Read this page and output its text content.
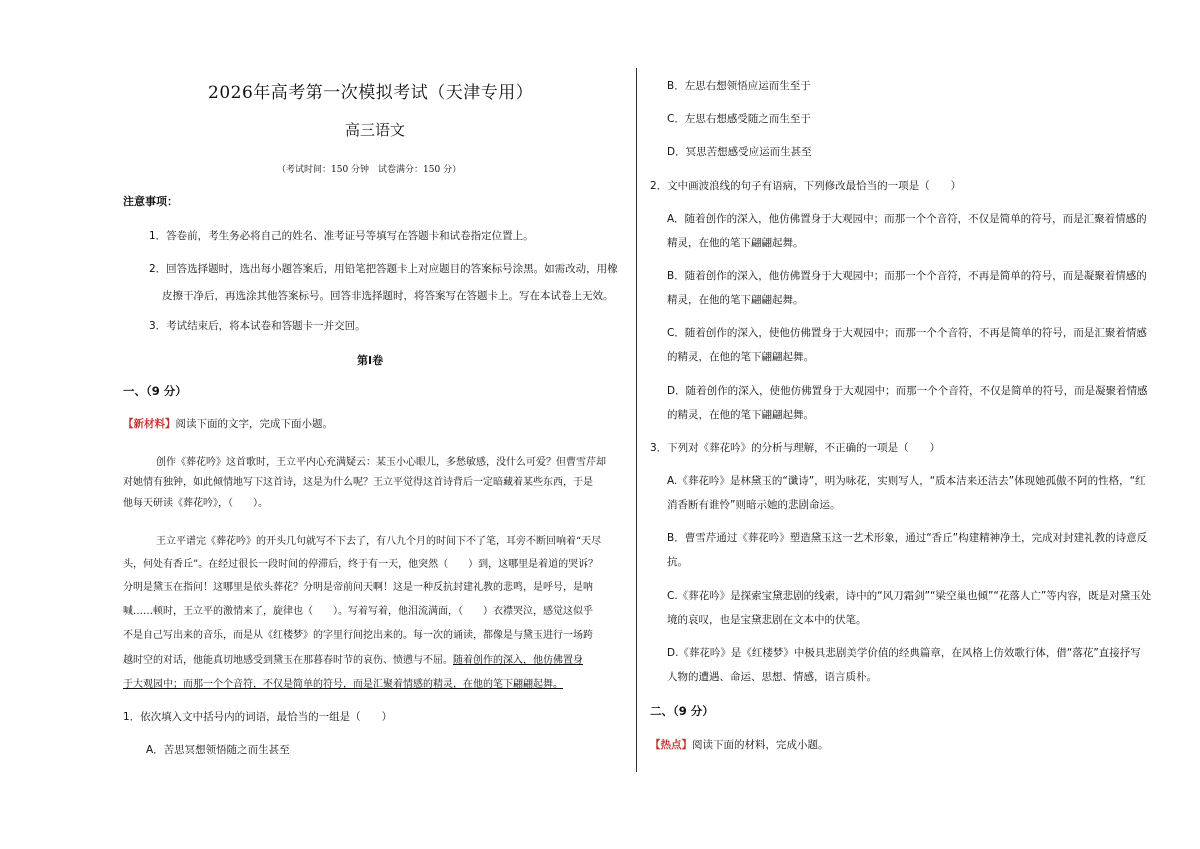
2026年高考第一次模拟考试（天津专用）
高三语文
（考试时间：150 分钟　试卷满分：150 分）
注意事项：
1．答卷前，考生务必将自己的姓名、准考证号等填写在答题卡和试卷指定位置上。
2．回答选择题时，选出每小题答案后，用铅笔把答题卡上对应题目的答案标号涂黑。如需改动，用橡
皮擦干净后，再选涂其他答案标号。回答非选择题时，将答案写在答题卡上。写在本试卷上无效。
3．考试结束后，将本试卷和答题卡一并交回。
第Ⅰ卷
一、（9 分）
【新材料】阅读下面的文字，完成下面小题。
创作《葬花吟》这首歌时，王立平内心充满疑云：某玉小心眼儿，多愁敏感，没什么可爱？但曹雪芹却
对她情有独钟，如此倾情地写下这首诗，这是为什么呢？王立平觉得这首诗背后一定暗藏着某些东西，于是
他每天研读《葬花吟》，（　　）。
王立平谱完《葬花吟》的开头几句就写不下去了，有八九个月的时间下不了笔，耳旁不断回响着“天尽
头，何处有香丘”。在经过很长一段时间的停滞后，终于有一天，他突然（　　）到，这哪里是着道的哭诉？
分明是黛玉在指问！这哪里是依头葬花？分明是帝前问天啊！这是一种反抗封建礼教的悲鸣，是呼号，是呐
喊……顿时，王立平的激情来了，旋律也（　　）。写着写着，他泪流满面，（　　）衣襟哭泣，感觉这似乎
不是自己写出来的音乐，而是从《红楼梦》的字里行间挖出来的。每一次的诵读，都像是与黛玉进行一场跨
越时空的对话，他能真切地感受到黛玉在那暮春时节的哀伤、愤懑与不屈。随着创作的深入，他仿佛置身
于大观园中；而那一个个音符，不仅是简单的符号，而是汇聚着情感的精灵，在他的笔下翩翩起舞。
1．依次填入文中括号内的词语，最恰当的一组是（　　）
A．苦思冥想领悟随之而生甚至
B．左思右想领悟应运而生至于
C．左思右想感受随之而生至于
D．冥思苦想感受应运而生甚至
2．文中画波浪线的句子有语病，下列修改最恰当的一项是（　　）
A．随着创作的深入，他仿佛置身于大观园中；而那一个个音符，不仅是简单的符号，而是汇聚着情感的
精灵，在他的笔下翩翩起舞。
B．随着创作的深入，他仿佛置身于大观园中；而那一个个音符，不再是简单的符号，而是凝聚着情感的
精灵，在他的笔下翩翩起舞。
C．随着创作的深入，使他仿佛置身于大观园中；而那一个个音符，不再是简单的符号，而是汇聚着情感
的精灵，在他的笔下翩翩起舞。
D．随着创作的深入，使他仿佛置身于大观园中；而那一个个音符，不仅是简单的符号，而是凝聚着情感
的精灵，在他的笔下翩翩起舞。
3．下列对《葬花吟》的分析与理解，不正确的一项是（　　）
A.《葬花吟》是林黛玉的“谶诗”，明为咏花，实则写人，“质本洁来还洁去”体现她孤傲不阿的性格，“红
消香断有谁怜”则暗示她的悲剧命运。
B．曹雪芹通过《葬花吟》塑造黛玉这一艺术形象，通过“香丘”构建精神净土，完成对封建礼教的诗意反
抗。
C.《葬花吟》是探索宝黛悲剧的线索，诗中的“风刀霜剑”“梁空巢也倾”“花落人亡”等内容，既是对黛玉处
境的哀叹，也是宝黛悲剧在文本中的伏笔。
D.《葬花吟》是《红楼梦》中极具悲剧美学价值的经典篇章，在风格上仿效歌行体，借“落花”直接抒写
人物的遭遇、命运、思想、情感，语言质朴。
二、（9 分）
【热点】阅读下面的材料，完成小题。
